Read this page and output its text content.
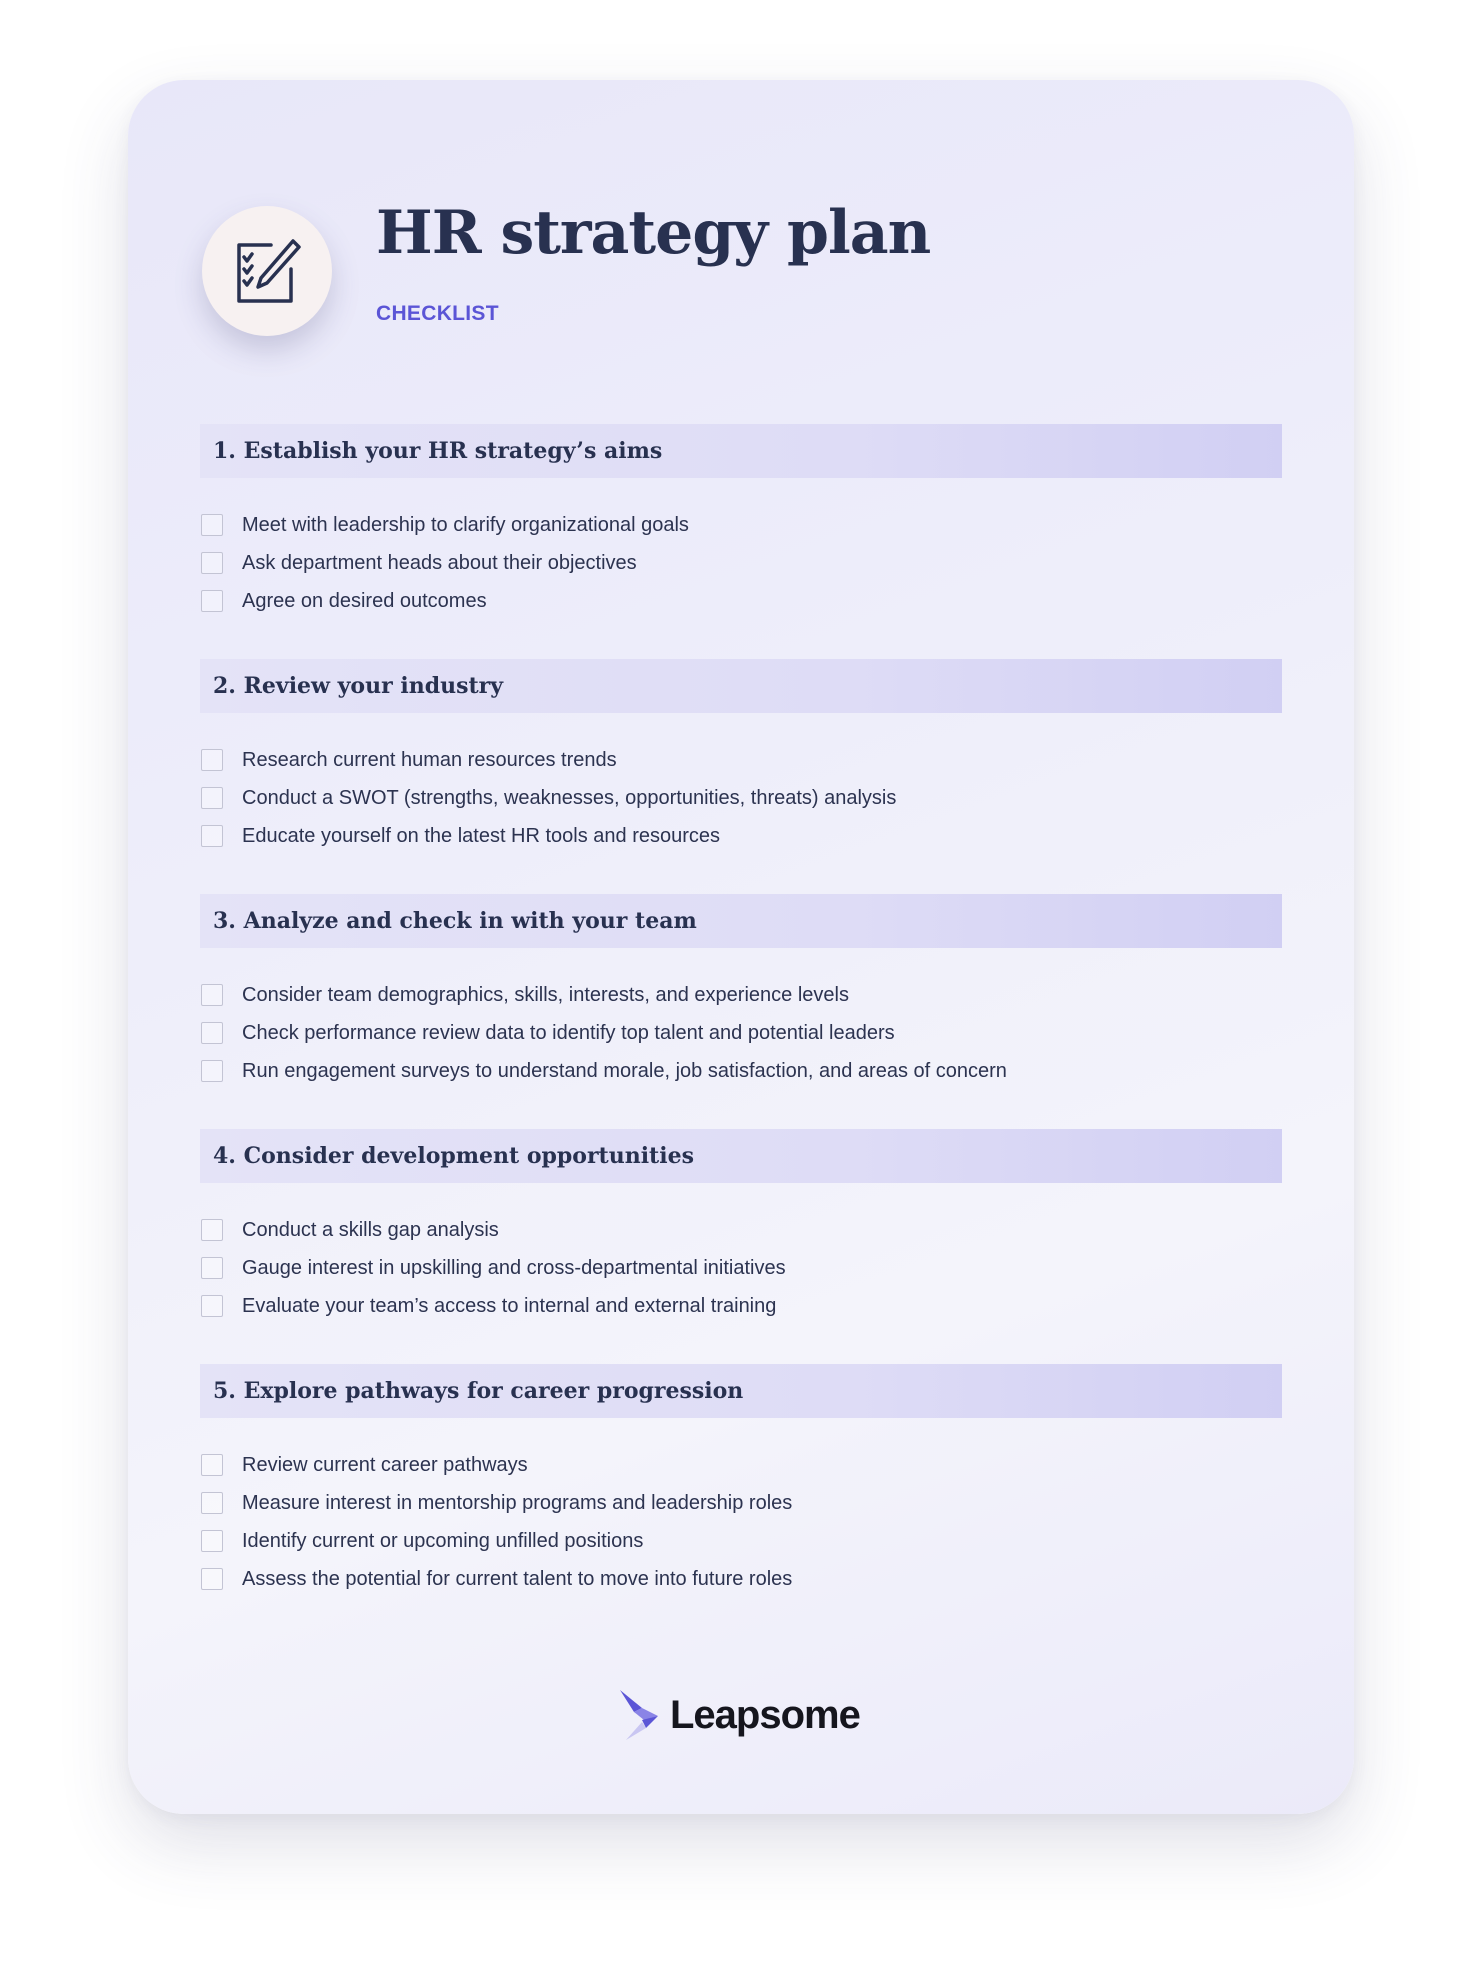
HR strategy plan
CHECKLIST
1. Establish your HR strategy’s aims
Meet with leadership to clarify organizational goals
Ask department heads about their objectives
Agree on desired outcomes
2. Review your industry
Research current human resources trends
Conduct a SWOT (strengths, weaknesses, opportunities, threats) analysis
Educate yourself on the latest HR tools and resources
3. Analyze and check in with your team
Consider team demographics, skills, interests, and experience levels
Check performance review data to identify top talent and potential leaders
Run engagement surveys to understand morale, job satisfaction, and areas of concern
4. Consider development opportunities
Conduct a skills gap analysis
Gauge interest in upskilling and cross-departmental initiatives
Evaluate your team’s access to internal and external training
5. Explore pathways for career progression
Review current career pathways
Measure interest in mentorship programs and leadership roles
Identify current or upcoming unfilled positions
Assess the potential for current talent to move into future roles
Leapsome
